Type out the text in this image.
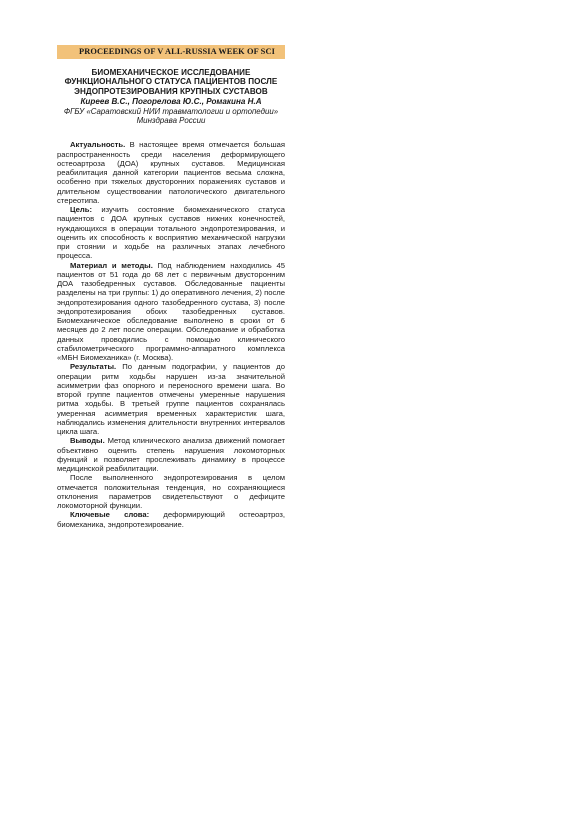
PROCEEDINGS OF V ALL-RUSSIA WEEK OF SCI
БИОМЕХАНИЧЕСКОЕ ИССЛЕДОВАНИЕ ФУНКЦИОНАЛЬНОГО СТАТУСА ПАЦИЕНТОВ ПОСЛЕ ЭНДОПРОТЕЗИРОВАНИЯ КРУПНЫХ СУСТАВОВ

Киреев В.С., Погорелова Ю.С., Ромакина Н.А

ФГБУ «Саратовский НИИ травматологии и ортопедии» Минздрава России

Актуальность. В настоящее время отмечается большая распространенность среди населения деформирующего остеоартроза (ДОА) крупных суставов. Медицинская реабилитация данной категории пациентов весьма сложна, особенно при тяжелых двусторонних поражениях суставов и длительном существовании патологического двигательного стереотипа.

Цель: изучить состояние биомеханического статуса пациентов с ДОА крупных суставов нижних конечностей, нуждающихся в операции тотального эндопротезирования, и оценить их способность к восприятию механической нагрузки при стоянии и ходьбе на различных этапах лечебного процесса.

Материал и методы. Под наблюдением находились 45 пациентов от 51 года до 68 лет с первичным двусторонним ДОА тазобедренных суставов. Обследованные пациенты разделены на три группы: 1) до оперативного лечения, 2) после эндопротезирования одного тазобедренного сустава, 3) после эндопротезирования обоих тазобедренных суставов. Биомеханическое обследование выполнено в сроки от 6 месяцев до 2 лет после операции. Обследование и обработка данных проводились с помощью клинического стабилометрического программно-аппаратного комплекса «МБН Биомеханика» (г. Москва).

Результаты. По данным подографии, у пациентов до операции ритм ходьбы нарушен из-за значительной асимметрии фаз опорного и переносного времени шага. Во второй группе пациентов отмечены умеренные нарушения ритма ходьбы. В третьей группе пациентов сохранялась умеренная асимметрия временных характеристик шага, наблюдались изменения длительности внутренних интервалов цикла шага.

Выводы. Метод клинического анализа движений помогает объективно оценить степень нарушения локомоторных функций и позволяет прослеживать динамику в процессе медицинской реабилитации.

После выполненного эндопротезирования в целом отмечается положительная тенденция, но сохраняющиеся отклонения параметров свидетельствуют о дефиците локомоторной функции.

Ключевые слова: деформирующий остеоартроз, биомеханика, эндопротезирование.
